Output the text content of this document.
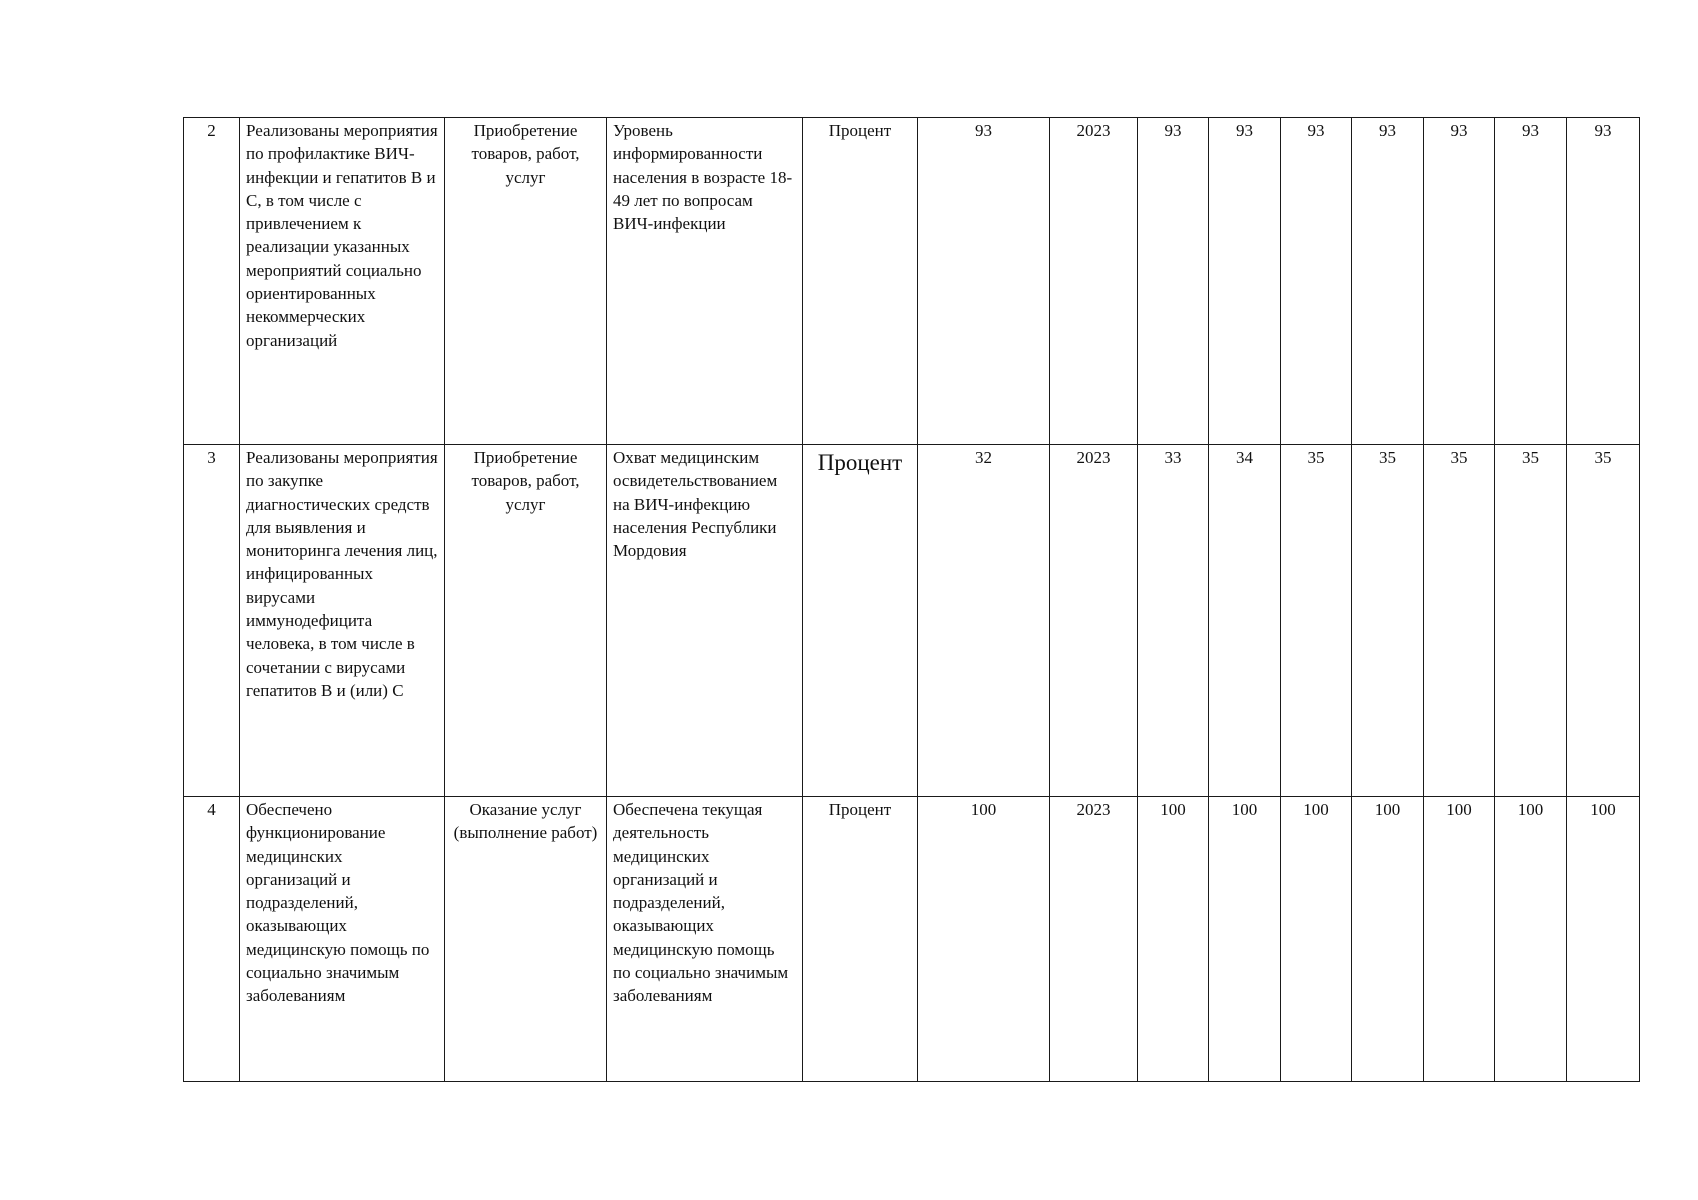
2	Реализованы мероприятия по профилактике ВИЧ-инфекции и гепатитов В и С, в том числе с привлечением к реализации указанных мероприятий социально ориентированных некоммерческих организаций	Приобретение товаров, работ, услуг	Уровень информированности населения в возрасте 18-49 лет по вопросам ВИЧ-инфекции	Процент	93	2023	93	93	93	93	93	93	93
3	Реализованы мероприятия по закупке диагностических средств для выявления и мониторинга лечения лиц, инфицированных вирусами иммунодефицита человека, в том числе в сочетании с вирусами гепатитов В и (или) С	Приобретение товаров, работ, услуг	Охват медицинским освидетельствованием на ВИЧ-инфекцию населения Республики Мордовия	Процент	32	2023	33	34	35	35	35	35	35
4	Обеспечено функционирование медицинских организаций и подразделений, оказывающих медицинскую помощь по социально значимым заболеваниям	Оказание услуг (выполнение работ)	Обеспечена текущая деятельность медицинских организаций и подразделений, оказывающих медицинскую помощь по социально значимым заболеваниям	Процент	100	2023	100	100	100	100	100	100	100
